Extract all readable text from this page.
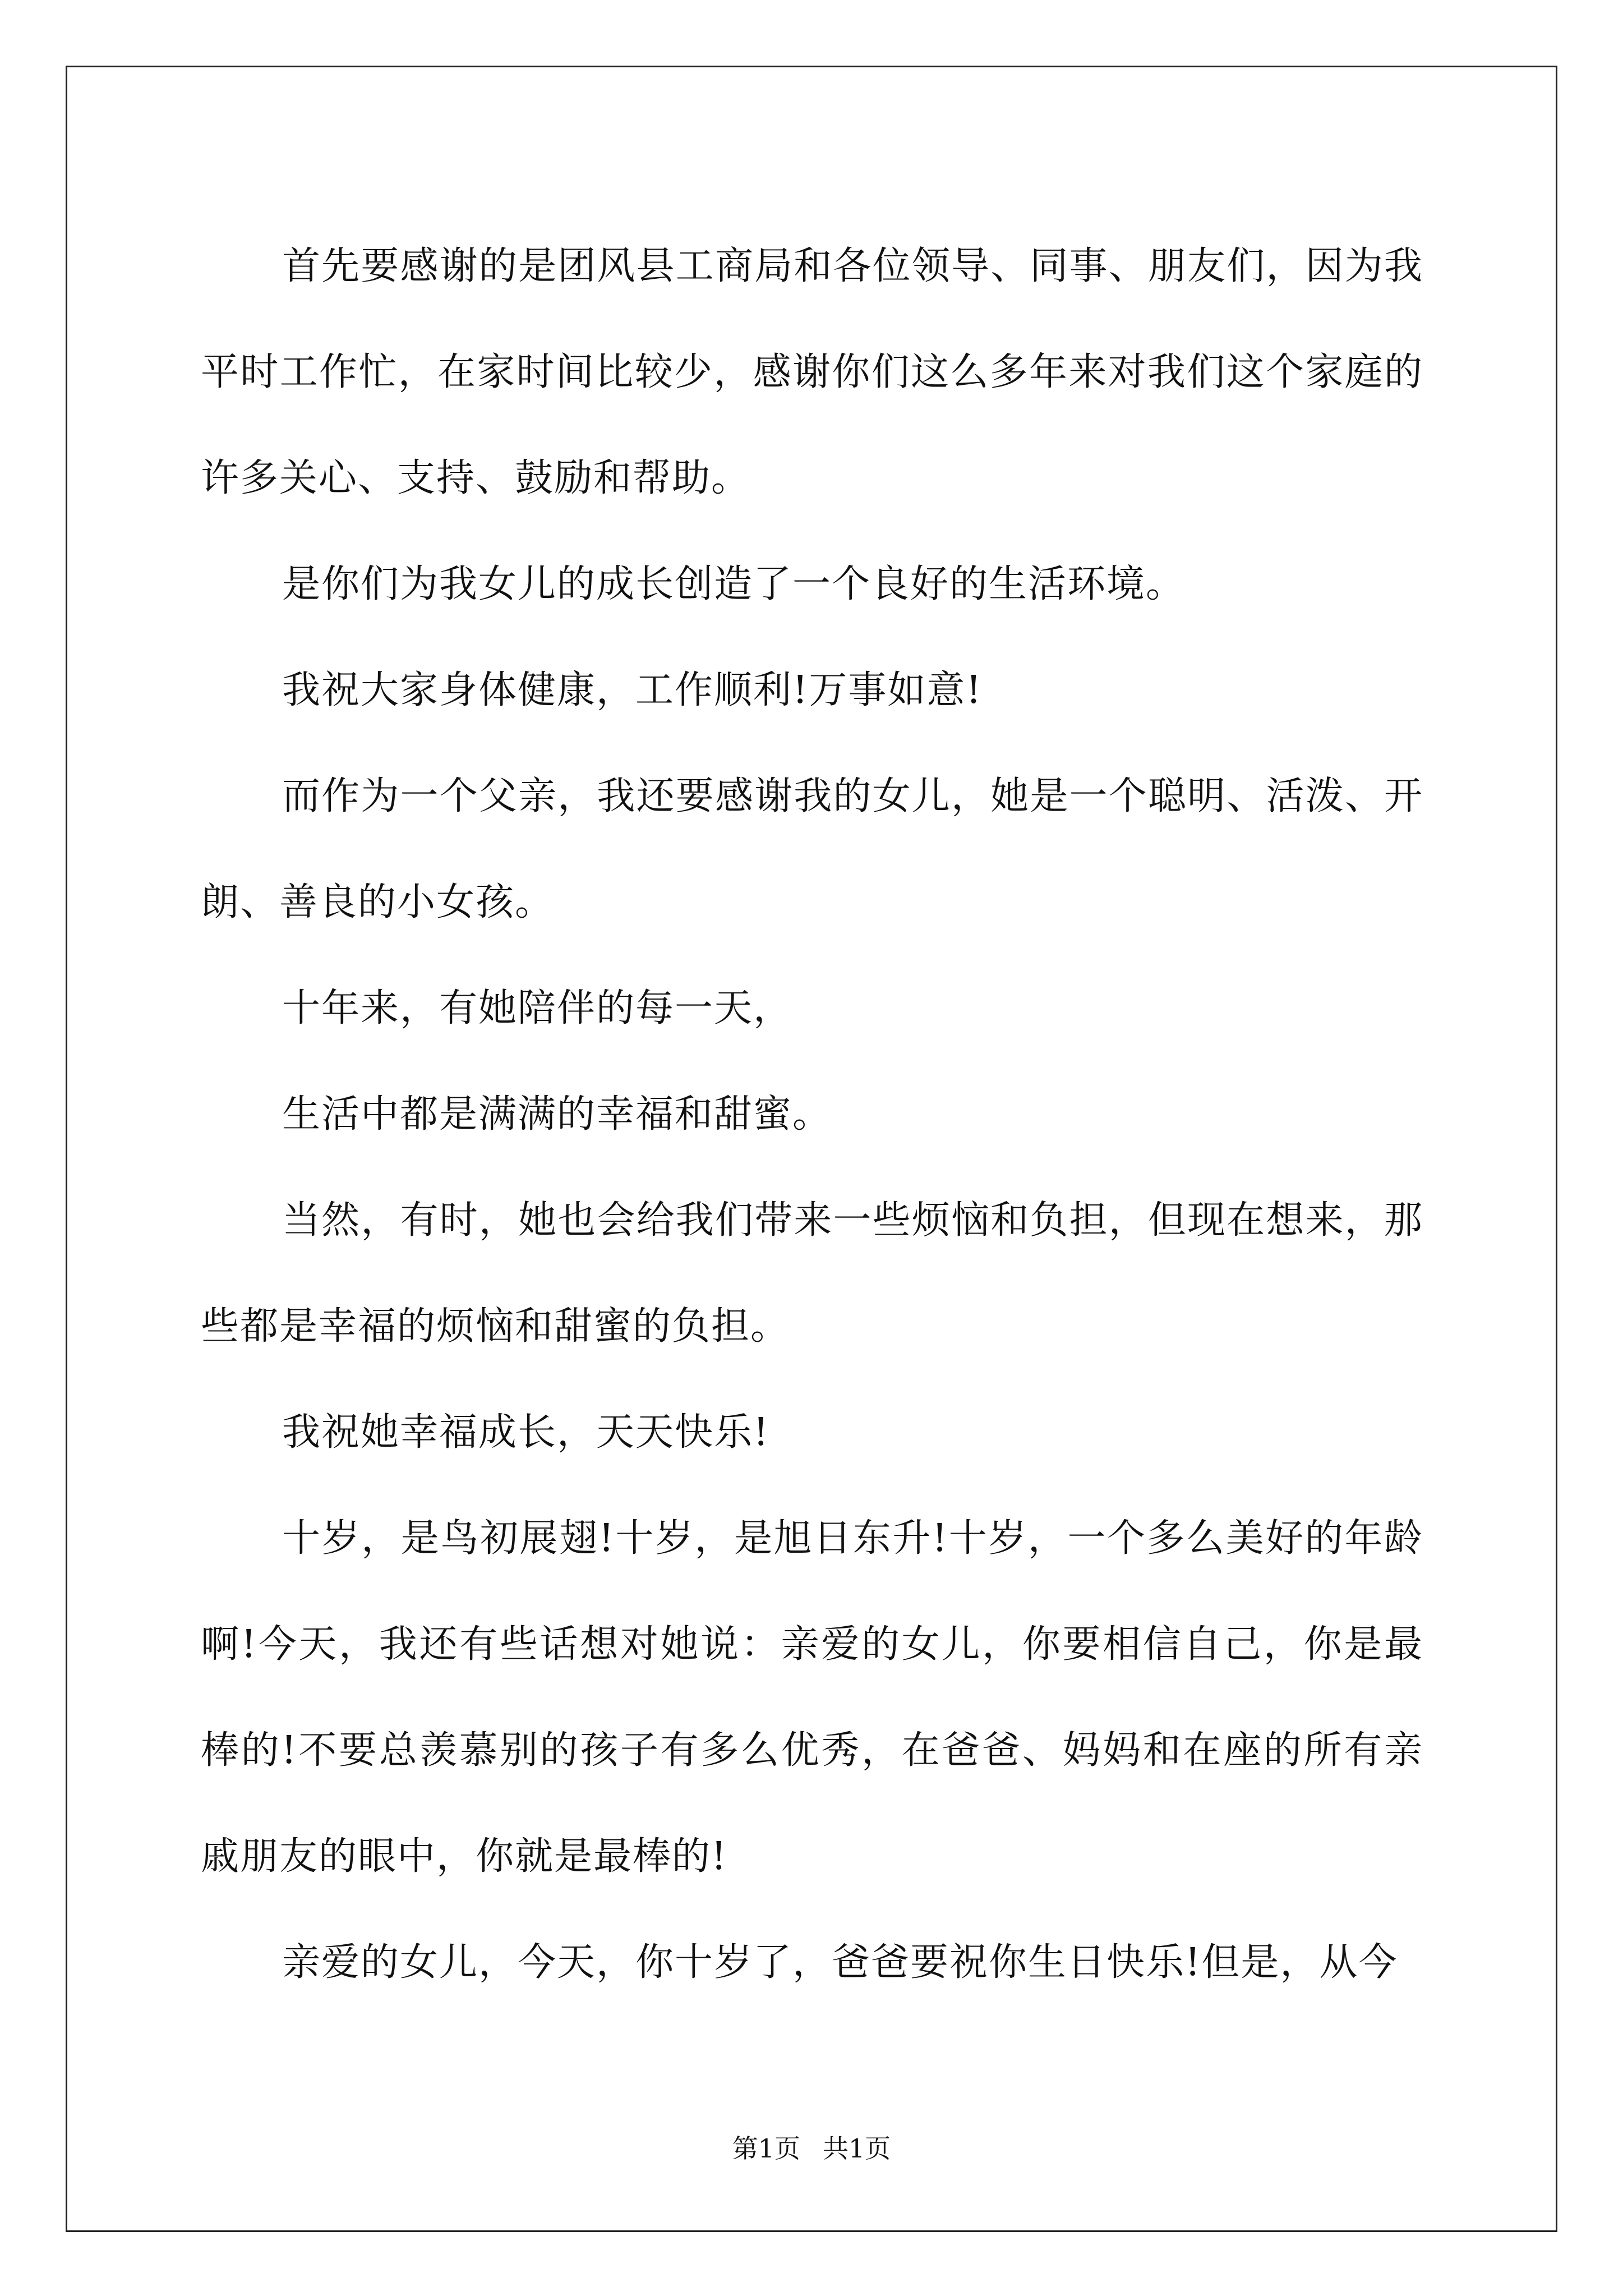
首先要感谢的是团风县工商局和各位领导、同事、朋友们，因为我平时工作忙，在家时间比较少，感谢你们这么多年来对我们这个家庭的许多关心、支持、鼓励和帮助。

是你们为我女儿的成长创造了一个良好的生活环境。

我祝大家身体健康，工作顺利!万事如意!

而作为一个父亲，我还要感谢我的女儿，她是一个聪明、活泼、开朗、善良的小女孩。

十年来，有她陪伴的每一天，

生活中都是满满的幸福和甜蜜。

当然，有时，她也会给我们带来一些烦恼和负担，但现在想来，那些都是幸福的烦恼和甜蜜的负担。

我祝她幸福成长，天天快乐!

十岁，是鸟初展翅!十岁，是旭日东升!十岁，一个多么美好的年龄啊!今天，我还有些话想对她说：亲爱的女儿，你要相信自己，你是最棒的!不要总羡慕别的孩子有多么优秀，在爸爸、妈妈和在座的所有亲戚朋友的眼中，你就是最棒的!

亲爱的女儿，今天，你十岁了，爸爸要祝你生日快乐!但是，从今

第1页 共1页
